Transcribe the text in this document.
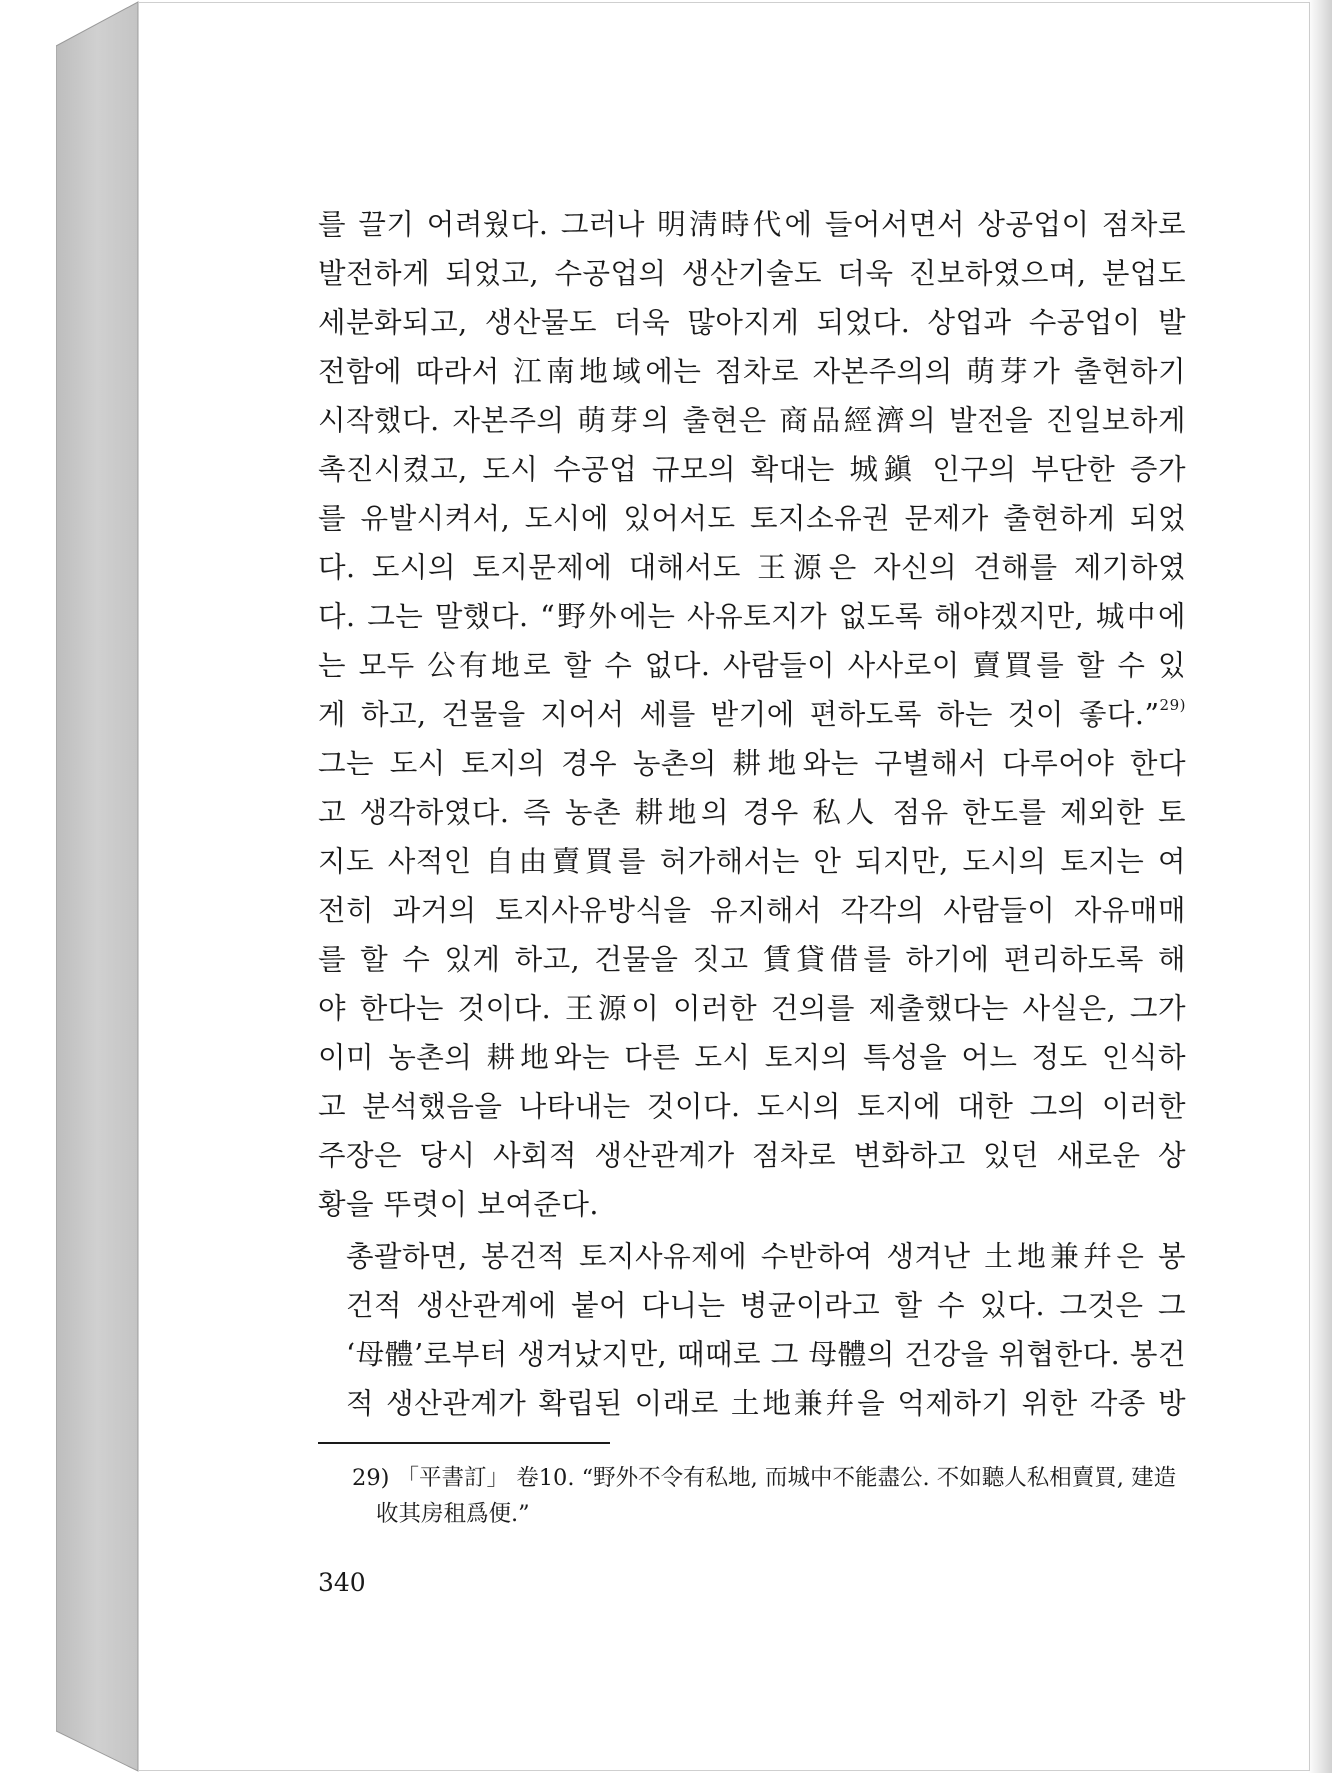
를 끌기 어려웠다. 그러나 明淸時代에 들어서면서 상공업이 점차로
발전하게 되었고, 수공업의 생산기술도 더욱 진보하였으며, 분업도
세분화되고, 생산물도 더욱 많아지게 되었다. 상업과 수공업이 발
전함에 따라서 江南地域에는 점차로 자본주의의 萌芽가 출현하기
시작했다. 자본주의 萌芽의 출현은 商品經濟의 발전을 진일보하게
촉진시켰고, 도시 수공업 규모의 확대는 城鎭 인구의 부단한 증가
를 유발시켜서, 도시에 있어서도 토지소유권 문제가 출현하게 되었
다. 도시의 토지문제에 대해서도 王源은 자신의 견해를 제기하였
다. 그는 말했다. “野外에는 사유토지가 없도록 해야겠지만, 城中에
는 모두 公有地로 할 수 없다. 사람들이 사사로이 賣買를 할 수 있
게 하고, 건물을 지어서 세를 받기에 편하도록 하는 것이 좋다.”$^{29)}$
그는 도시 토지의 경우 농촌의 耕地와는 구별해서 다루어야 한다
고 생각하였다. 즉 농촌 耕地의 경우 私人 점유 한도를 제외한 토
지도 사적인 自由賣買를 허가해서는 안 되지만, 도시의 토지는 여
전히 과거의 토지사유방식을 유지해서 각각의 사람들이 자유매매
를 할 수 있게 하고, 건물을 짓고 賃貸借를 하기에 편리하도록 해
야 한다는 것이다. 王源이 이러한 건의를 제출했다는 사실은, 그가
이미 농촌의 耕地와는 다른 도시 토지의 특성을 어느 정도 인식하
고 분석했음을 나타내는 것이다. 도시의 토지에 대한 그의 이러한
주장은 당시 사회적 생산관계가 점차로 변화하고 있던 새로운 상
황을 뚜렷이 보여준다.

총괄하면, 봉건적 토지사유제에 수반하여 생겨난 土地兼幷은 봉
건적 생산관계에 붙어 다니는 병균이라고 할 수 있다. 그것은 그
‘母體’로부터 생겨났지만, 때때로 그 母體의 건강을 위협한다. 봉건
적 생산관계가 확립된 이래로 土地兼幷을 억제하기 위한 각종 방

29) 「平書訂」 卷10. “野外不令有私地, 而城中不能盡公. 不如聽人私相賣買, 建造
收其房租爲便.”
340
